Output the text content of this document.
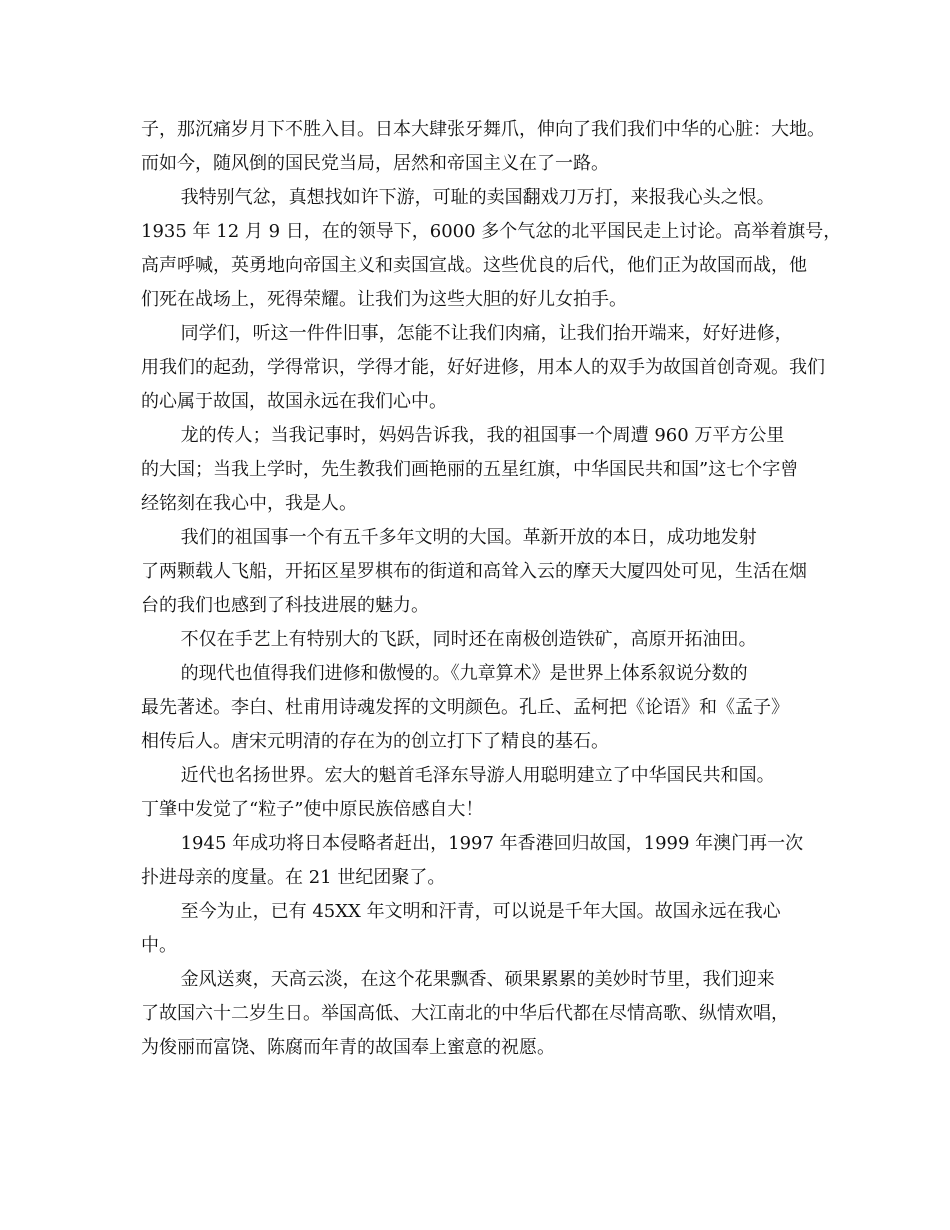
子，那沉痛岁月下不胜入目。日本大肆张牙舞爪，伸向了我们我们中华的心脏：大地。
而如今，随风倒的国民党当局，居然和帝国主义在了一路。

我特别气忿，真想找如许下游，可耻的卖国翻戏刀万打，来报我心头之恨。
1935 年 12 月 9 日，在的领导下，6000 多个气忿的北平国民走上讨论。高举着旗号，
高声呼喊，英勇地向帝国主义和卖国宣战。这些优良的后代，他们正为故国而战，他
们死在战场上，死得荣耀。让我们为这些大胆的好儿女拍手。

同学们，听这一件件旧事，怎能不让我们肉痛，让我们抬开端来，好好进修，
用我们的起劲，学得常识，学得才能，好好进修，用本人的双手为故国首创奇观。我们
的心属于故国，故国永远在我们心中。

龙的传人；当我记事时，妈妈告诉我，我的祖国事一个周遭 960 万平方公里
的大国；当我上学时，先生教我们画艳丽的五星红旗，中华国民共和国”这七个字曾
经铭刻在我心中，我是人。

我们的祖国事一个有五千多年文明的大国。革新开放的本日，成功地发射
了两颗载人飞船，开拓区星罗棋布的街道和高耸入云的摩天大厦四处可见，生活在烟
台的我们也感到了科技进展的魅力。

不仅在手艺上有特别大的飞跃，同时还在南极创造铁矿，高原开拓油田。

的现代也值得我们进修和傲慢的。《九章算术》是世界上体系叙说分数的
最先著述。李白、杜甫用诗魂发挥的文明颜色。孔丘、孟柯把《论语》和《孟子》
相传后人。唐宋元明清的存在为的创立打下了精良的基石。

近代也名扬世界。宏大的魁首毛泽东导游人用聪明建立了中华国民共和国。
丁肇中发觉了“粒子”使中原民族倍感自大！

1945 年成功将日本侵略者赶出，1997 年香港回归故国，1999 年澳门再一次
扑进母亲的度量。在 21 世纪团聚了。

至今为止，已有 45XX 年文明和汗青，可以说是千年大国。故国永远在我心
中。

金风送爽，天高云淡，在这个花果飘香、硕果累累的美妙时节里，我们迎来
了故国六十二岁生日。举国高低、大江南北的中华后代都在尽情高歌、纵情欢唱，
为俊丽而富饶、陈腐而年青的故国奉上蜜意的祝愿。
